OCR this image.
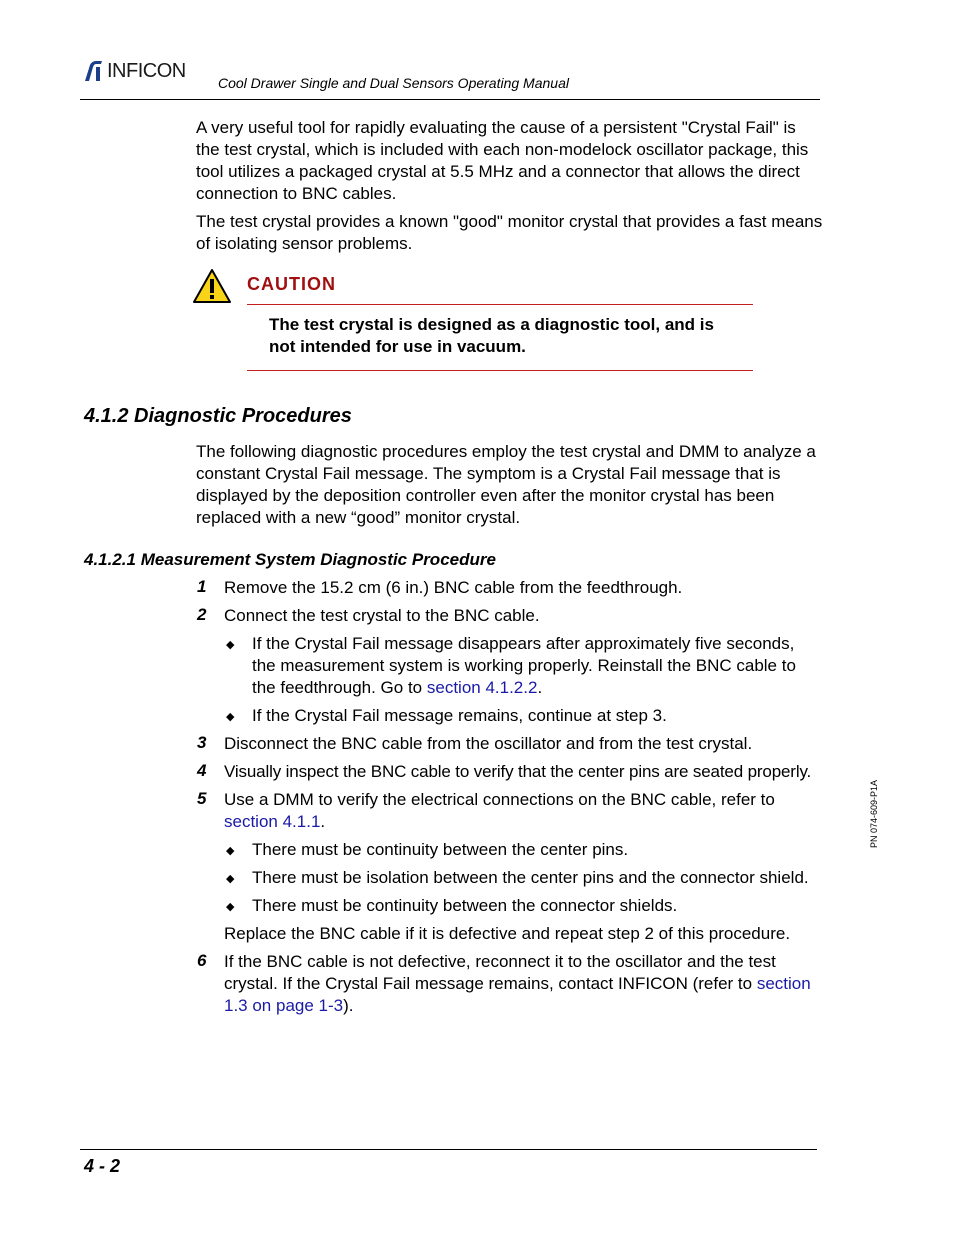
INFICON
Cool Drawer Single and Dual Sensors Operating Manual
A very useful tool for rapidly evaluating the cause of a persistent "Crystal Fail" is
the test crystal, which is included with each non-modelock oscillator package, this
tool utilizes a packaged crystal at 5.5 MHz and a connector that allows the direct
connection to BNC cables.
The test crystal provides a known "good" monitor crystal that provides a fast means
of isolating sensor problems.
CAUTION
The test crystal is designed as a diagnostic tool, and is
not intended for use in vacuum.
4.1.2 Diagnostic Procedures
The following diagnostic procedures employ the test crystal and DMM to analyze a
constant Crystal Fail message. The symptom is a Crystal Fail message that is
displayed by the deposition controller even after the monitor crystal has been
replaced with a new “good” monitor crystal.
4.1.2.1 Measurement System Diagnostic Procedure
1 Remove the 15.2 cm (6 in.) BNC cable from the feedthrough.
2 Connect the test crystal to the BNC cable.
◆ If the Crystal Fail message disappears after approximately five seconds,
the measurement system is working properly. Reinstall the BNC cable to
the feedthrough. Go to section 4.1.2.2.
◆ If the Crystal Fail message remains, continue at step 3.
3 Disconnect the BNC cable from the oscillator and from the test crystal.
4 Visually inspect the BNC cable to verify that the center pins are seated properly.
5 Use a DMM to verify the electrical connections on the BNC cable, refer to
section 4.1.1.
◆ There must be continuity between the center pins.
◆ There must be isolation between the center pins and the connector shield.
◆ There must be continuity between the connector shields.
Replace the BNC cable if it is defective and repeat step 2 of this procedure.
6 If the BNC cable is not defective, reconnect it to the oscillator and the test
crystal. If the Crystal Fail message remains, contact INFICON (refer to section
1.3 on page 1-3).
PN 074-609-P1A
4 - 2
